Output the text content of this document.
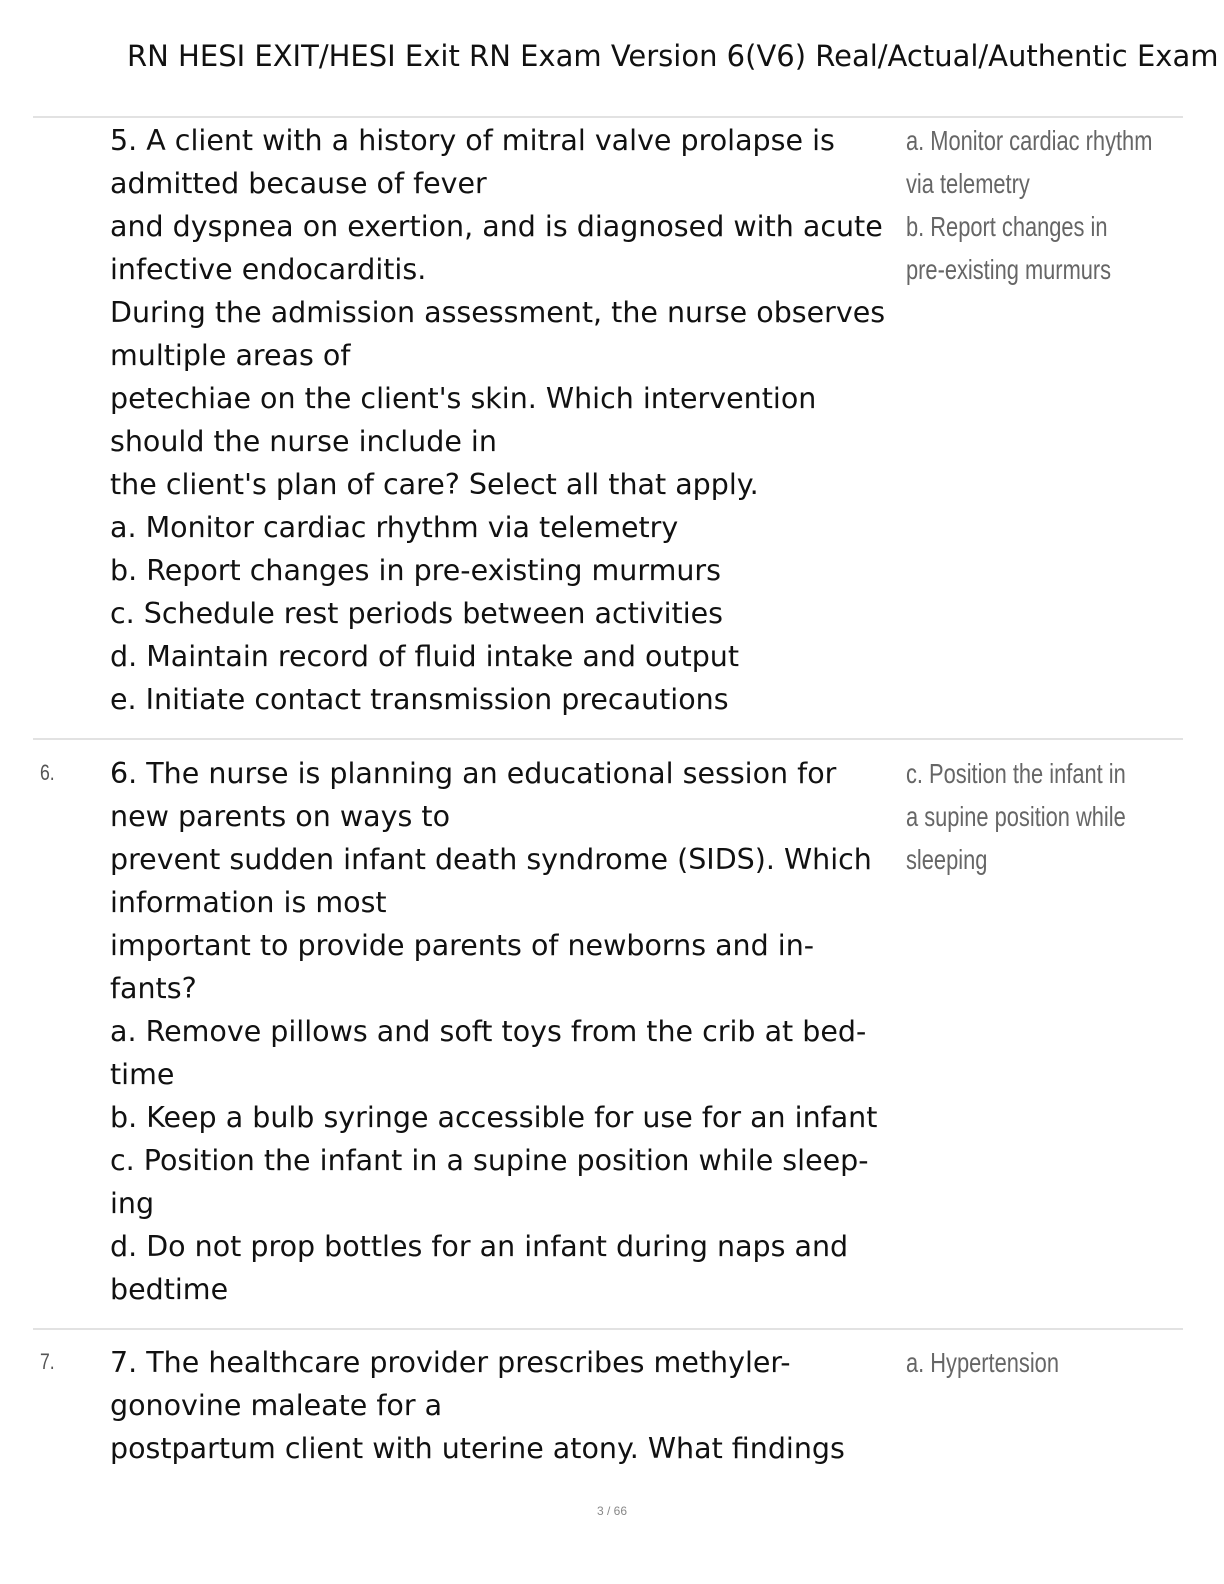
RN HESI EXIT/HESI Exit RN Exam Version 6(V6) Real/Actual/Authentic Exam
5. A client with a history of mitral valve prolapse is
admitted because of fever
and dyspnea on exertion, and is diagnosed with acute
infective endocarditis.
During the admission assessment, the nurse observes
multiple areas of
petechiae on the client's skin. Which intervention
should the nurse include in
the client's plan of care? Select all that apply.
a. Monitor cardiac rhythm via telemetry
b. Report changes in pre-existing murmurs
c. Schedule rest periods between activities
d. Maintain record of fluid intake and output
e. Initiate contact transmission precautions
a. Monitor cardiac rhythm
via telemetry
b. Report changes in
pre-existing murmurs
6.	6. The nurse is planning an educational session for
new parents on ways to
prevent sudden infant death syndrome (SIDS). Which
information is most
important to provide parents of newborns and in-
fants?
a. Remove pillows and soft toys from the crib at bed-
time
b. Keep a bulb syringe accessible for use for an infant
c. Position the infant in a supine position while sleep-
ing
d. Do not prop bottles for an infant during naps and
bedtime
c. Position the infant in
a supine position while
sleeping
7.	7. The healthcare provider prescribes methyler-
gonovine maleate for a
postpartum client with uterine atony. What findings
a. Hypertension
3 / 66
